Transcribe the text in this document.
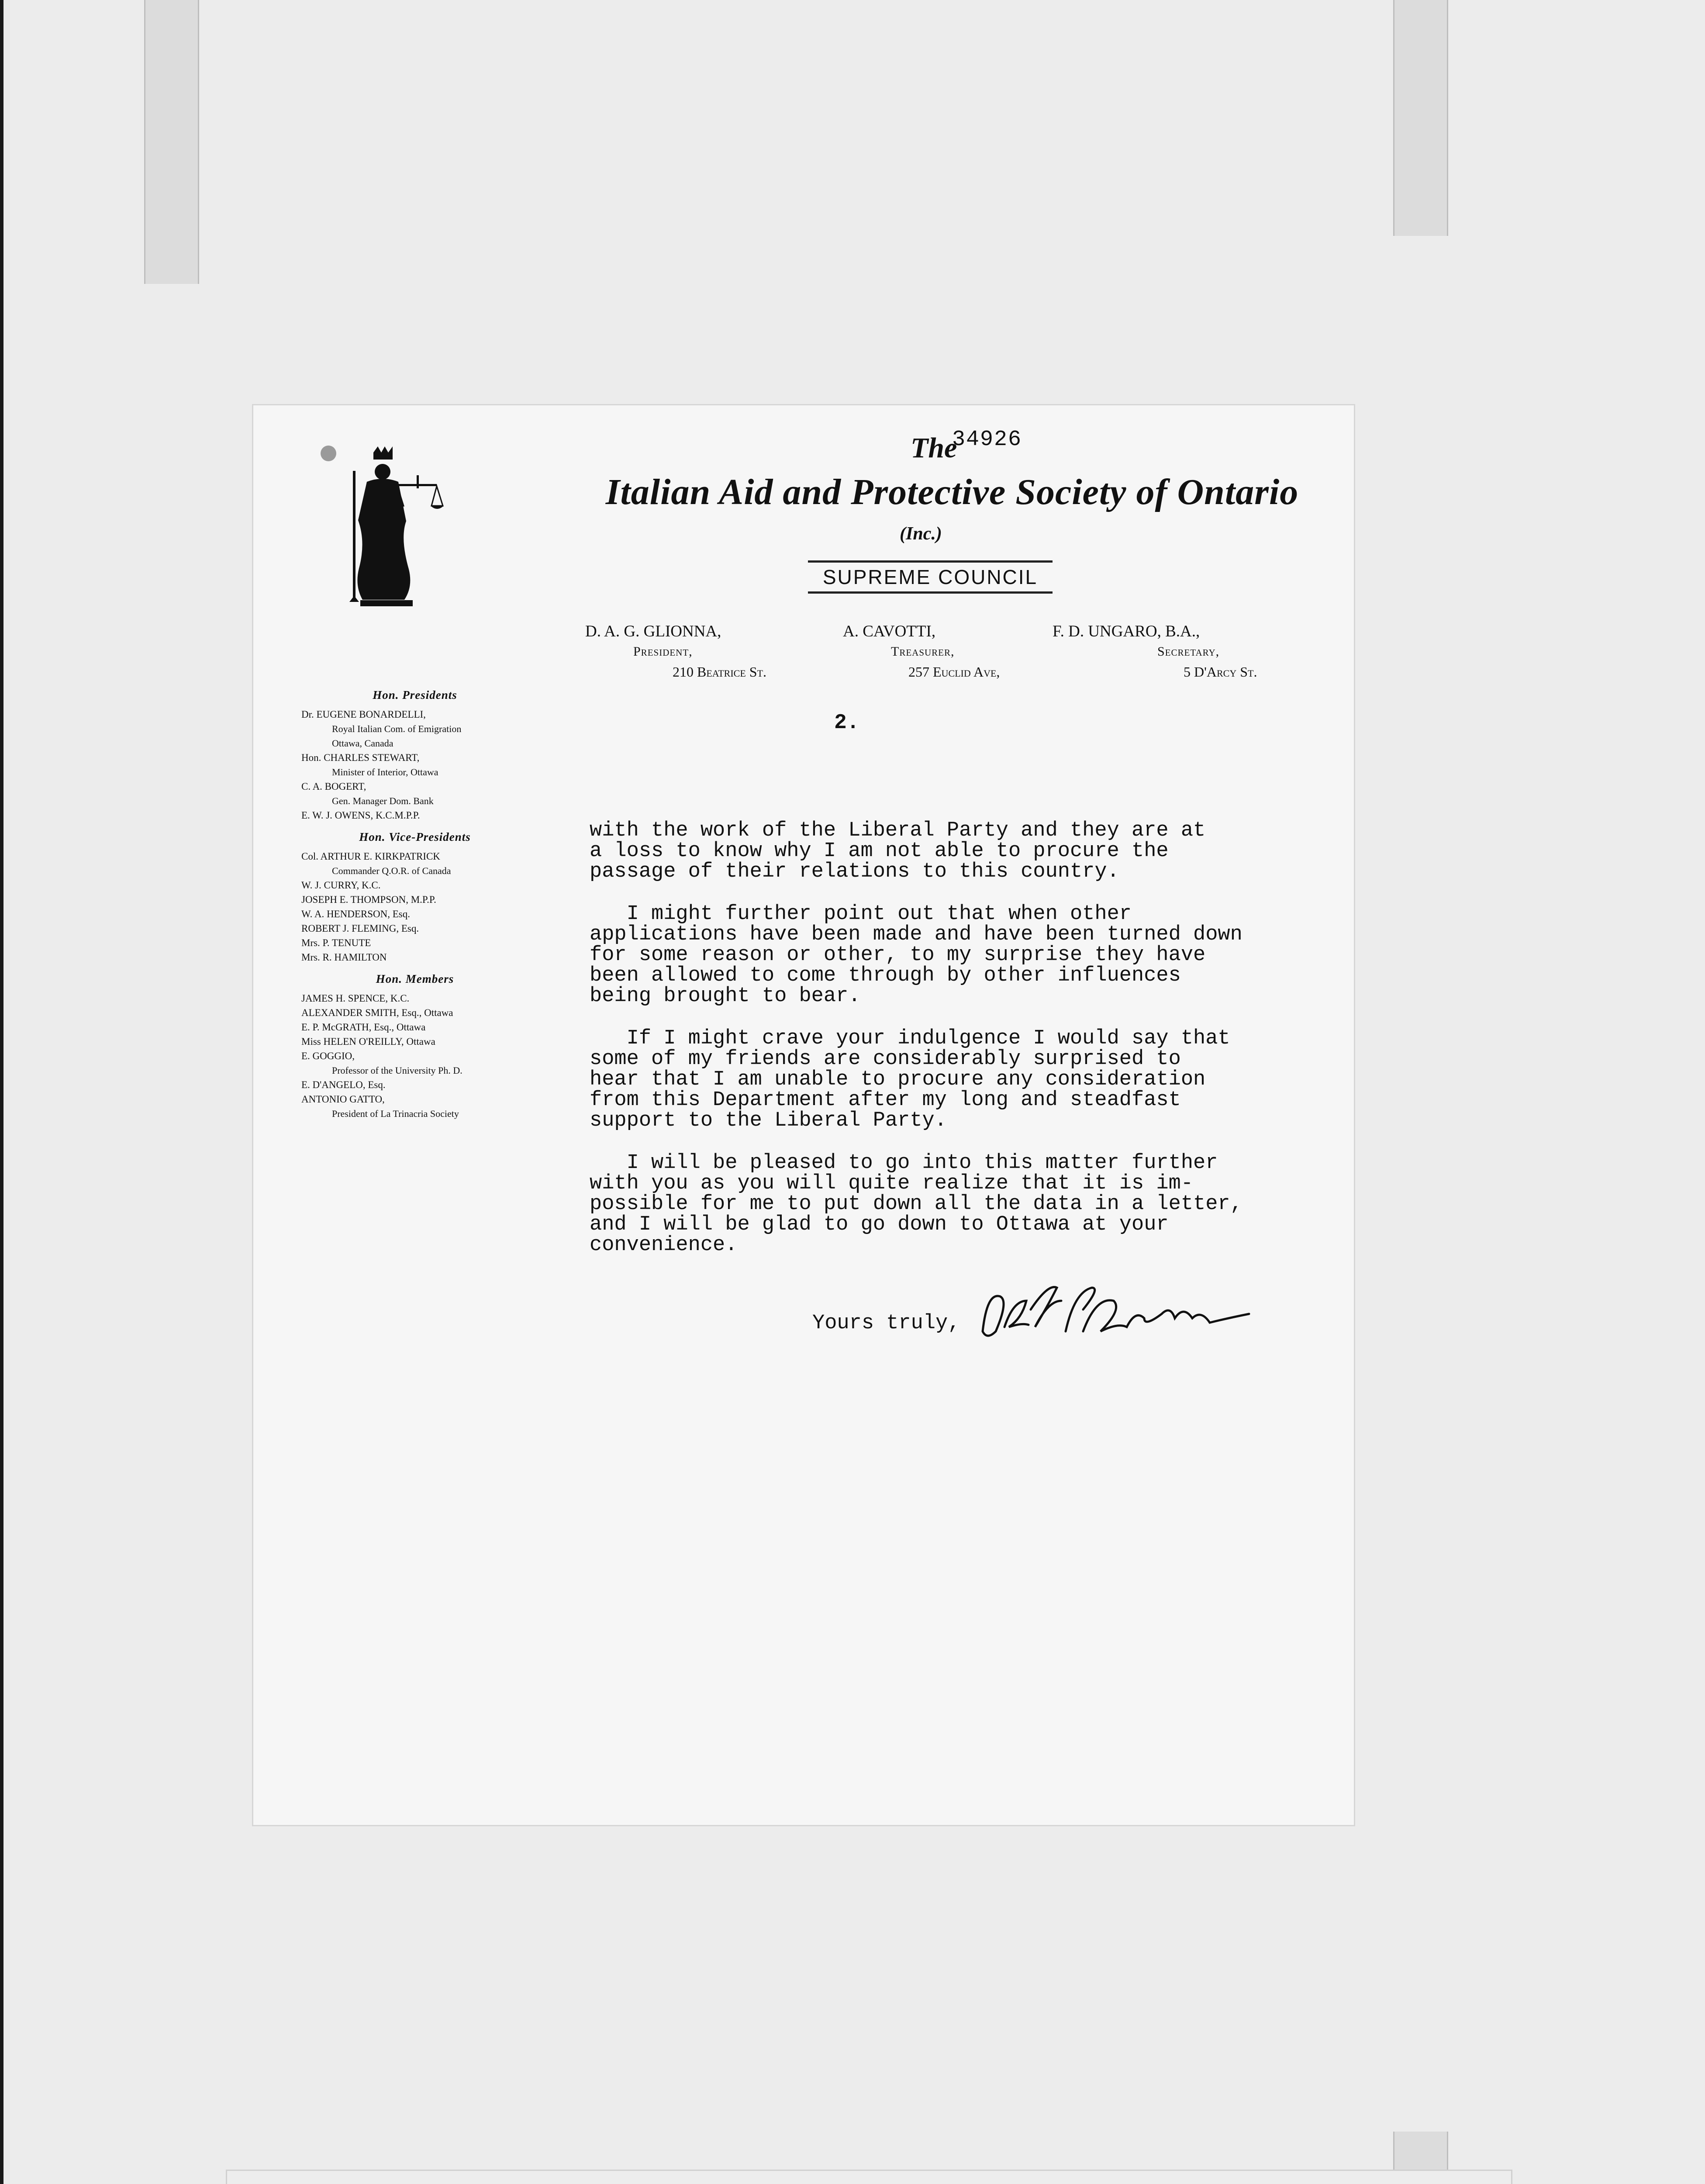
34926
The
Italian Aid and Protective Society of Ontario
(Inc.)
SUPREME COUNCIL
D. A. G. GLIONNA,
President,
210 Beatrice St.
A. CAVOTTI,
Treasurer,
257 Euclid Ave,
F. D. UNGARO, B.A.,
Secretary,
5 D'Arcy St.
Hon. Presidents
Dr. EUGENE BONARDELLI,
Royal Italian Com. of Emigration
Ottawa, Canada
Hon. CHARLES STEWART,
Minister of Interior, Ottawa
C. A. BOGERT,
Gen. Manager Dom. Bank
E. W. J. OWENS, K.C.M.P.P.
Hon. Vice-Presidents
Col. ARTHUR E. KIRKPATRICK
Commander Q.O.R. of Canada
W. J. CURRY, K.C.
JOSEPH E. THOMPSON, M.P.P.
W. A. HENDERSON, Esq.
ROBERT J. FLEMING, Esq.
Mrs. P. TENUTE
Mrs. R. HAMILTON
Hon. Members
JAMES H. SPENCE, K.C.
ALEXANDER SMITH, Esq., Ottawa
E. P. McGRATH, Esq., Ottawa
Miss HELEN O'REILLY, Ottawa
E. GOGGIO,
Professor of the University Ph. D.
E. D'ANGELO, Esq.
ANTONIO GATTO,
President of La Trinacria Society
2.
with the work of the Liberal Party and they are at
a loss to know why I am not able to procure the
passage of their relations to this country.
I might further point out that when other
applications have been made and have been turned down
for some reason or other, to my surprise they have
been allowed to come through by other influences
being brought to bear.
If I might crave your indulgence I would say that
some of my friends are considerably surprised to
hear that I am unable to procure any consideration
from this Department after my long and steadfast
support to the Liberal Party.
I will be pleased to go into this matter further
with you as you will quite realize that it is im-
possible for me to put down all the data in a letter,
and I will be glad to go down to Ottawa at your
convenience.
Yours truly,
